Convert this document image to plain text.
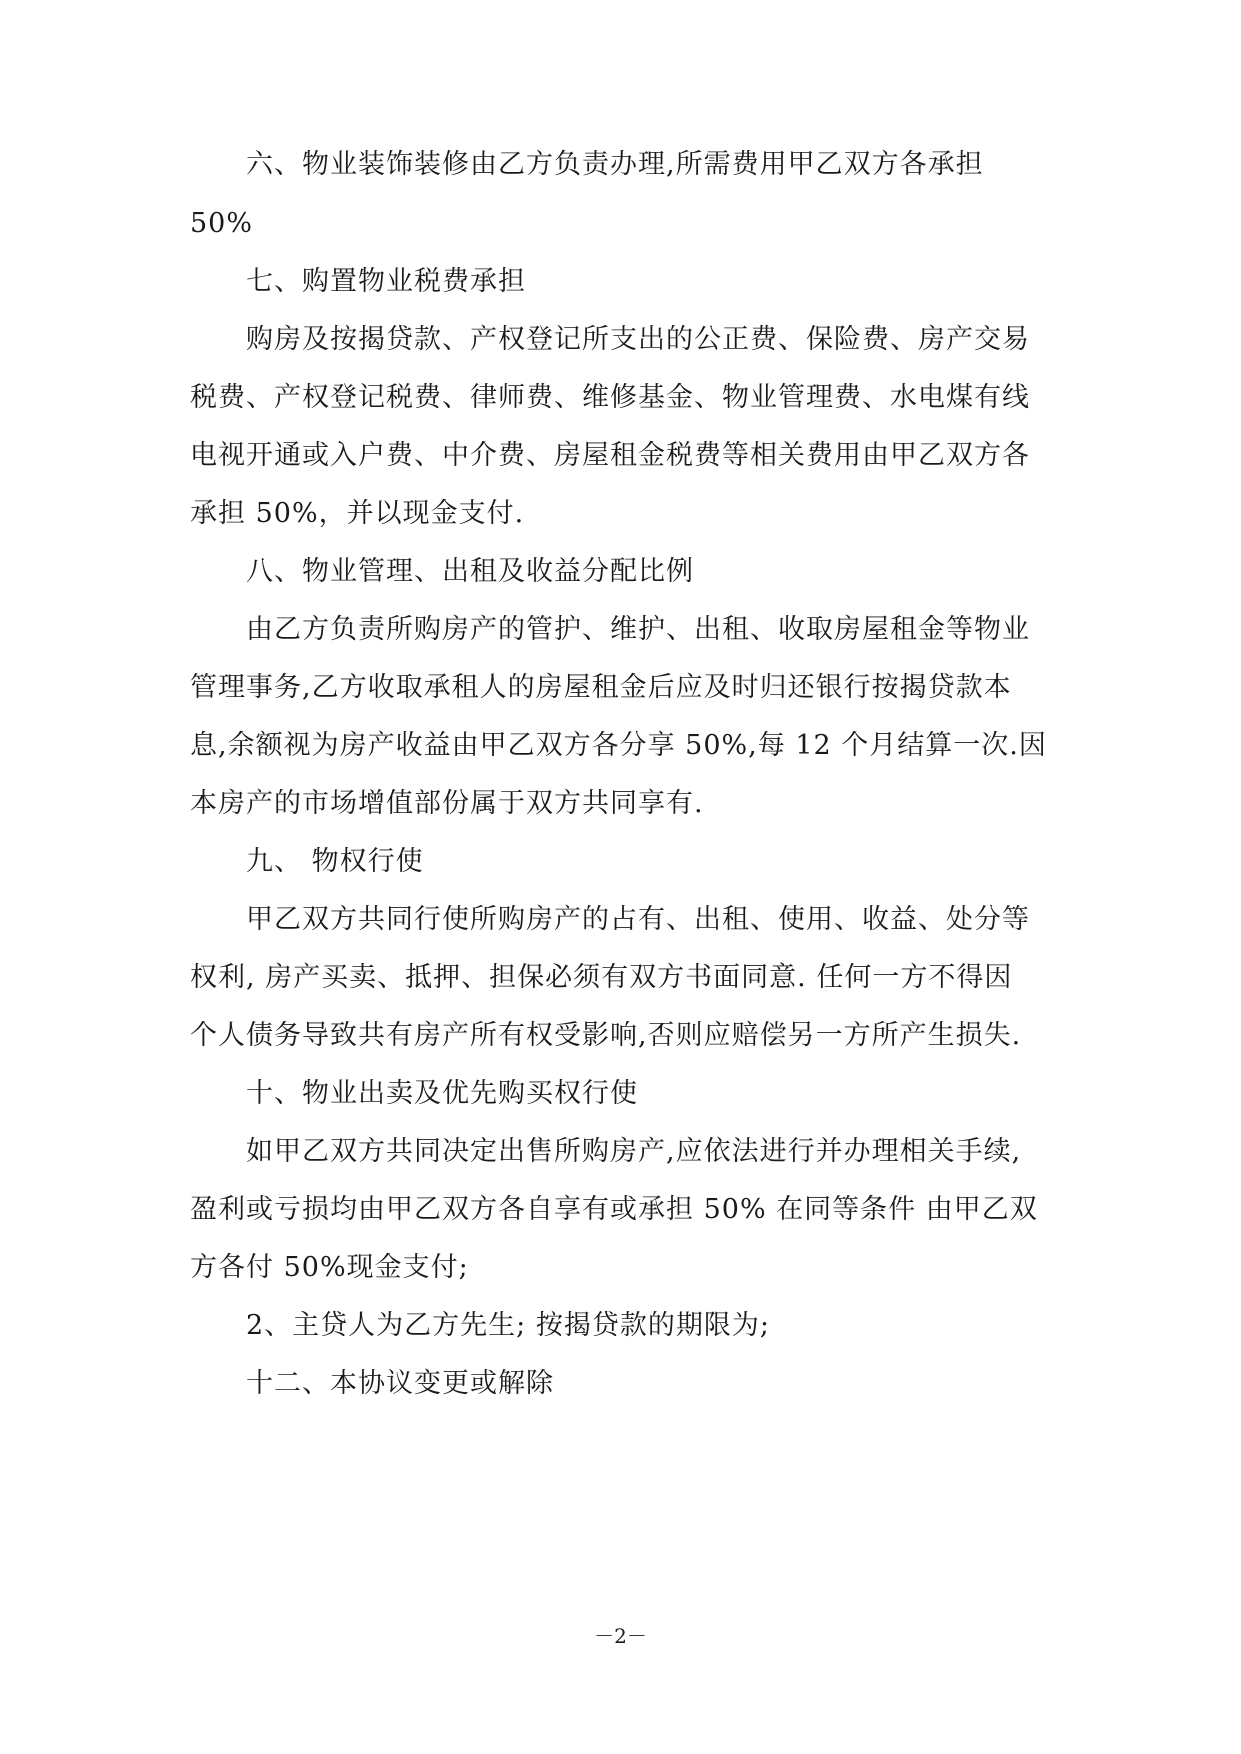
六、物业装饰装修由乙方负责办理,所需费用甲乙双方各承担
50%
七、购置物业税费承担
购房及按揭贷款、产权登记所支出的公正费、保险费、房产交易
税费、产权登记税费、律师费、维修基金、物业管理费、水电煤有线
电视开通或入户费、中介费、房屋租金税费等相关费用由甲乙双方各
承担 50%，并以现金支付.
八、物业管理、出租及收益分配比例
由乙方负责所购房产的管护、维护、出租、收取房屋租金等物业
管理事务,乙方收取承租人的房屋租金后应及时归还银行按揭贷款本
息,余额视为房产收益由甲乙双方各分享 50%,每 12 个月结算一次.因
本房产的市场增值部份属于双方共同享有.
九、 物权行使
甲乙双方共同行使所购房产的占有、出租、使用、收益、处分等
权利, 房产买卖、抵押、担保必须有双方书面同意. 任何一方不得因
个人债务导致共有房产所有权受影响,否则应赔偿另一方所产生损失.
十、物业出卖及优先购买权行使
如甲乙双方共同决定出售所购房产,应依法进行并办理相关手续,
盈利或亏损均由甲乙双方各自享有或承担 50% 在同等条件 由甲乙双
方各付 50%现金支付;
2、主贷人为乙方先生; 按揭贷款的期限为;
十二、本协议变更或解除
－2－
